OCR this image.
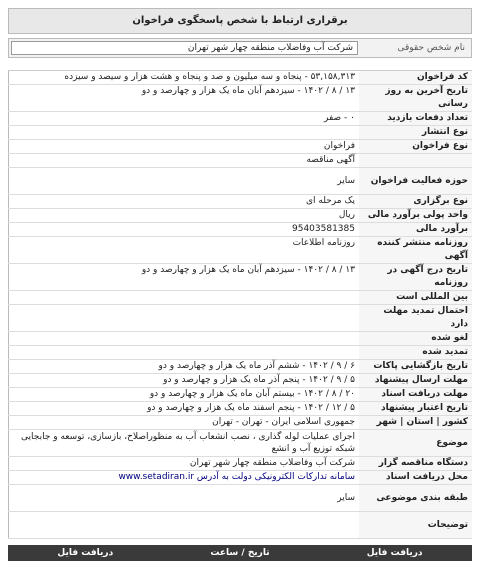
برقراری ارتباط با شخص پاسخگوی فراخوان
نام شخص حقوقی
شرکت آب وفاضلاب منطقه چهار شهر تهران
کد فراخوان
۵۳,۱۵۸,۳۱۳ - پنجاه و سه میلیون و صد و پنجاه و هشت هزار و سیصد و سیزده
تاریخ آخرین به روز رسانی
۱۳ / ۸ / ۱۴۰۲ - سیزدهم آبان ماه یک هزار و چهارصد و دو
تعداد دفعات بازدید
۰ - صفر
نوع انتشار
نوع فراخوان
فراخوان
آگهی مناقصه
حوزه فعالیت فراخوان
سایر
نوع برگزاری
یک مرحله ای
واحد پولی برآورد مالی
ریال
برآورد مالی
95403581385
روزنامه منتشر کننده آگهی
روزنامه اطلاعات
تاریخ درج آگهی در روزنامه
۱۳ / ۸ / ۱۴۰۲ - سیزدهم آبان ماه یک هزار و چهارصد و دو
بین المللی است
احتمال تمدید مهلت دارد
لغو شده
تمدید شده
تاریخ بازگشایی پاکات
۶ / ۹ / ۱۴۰۲ - ششم آذر ماه یک هزار و چهارصد و دو
مهلت ارسال پیشنهاد
۵ / ۹ / ۱۴۰۲ - پنجم آذر ماه یک هزار و چهارصد و دو
مهلت دریافت اسناد
۲۰ / ۸ / ۱۴۰۲ - بیستم آبان ماه یک هزار و چهارصد و دو
تاریخ اعتبار پیشنهاد
۵ / ۱۲ / ۱۴۰۲ - پنجم اسفند ماه یک هزار و چهارصد و دو
کشور | استان | شهر
جمهوری اسلامی ایران - تهران - تهران
موضوع
اجرای عملیات لوله گذاری ، نصب انشعاب آب به منظوراصلاح، بازسازی، توسعه و جابجایی شبکه توزیع آب و انشع
دستگاه مناقصه گزار
شرکت آب وفاضلاب منطقه چهار شهر تهران
محل دریافت اسناد
سامانه تدارکات الکترونیکی دولت به آدرس www.setadiran.ir
طبقه بندی موضوعی
سایر
توضیحات
دریافت فایل
تاریخ / ساعت
دریافت فایل
